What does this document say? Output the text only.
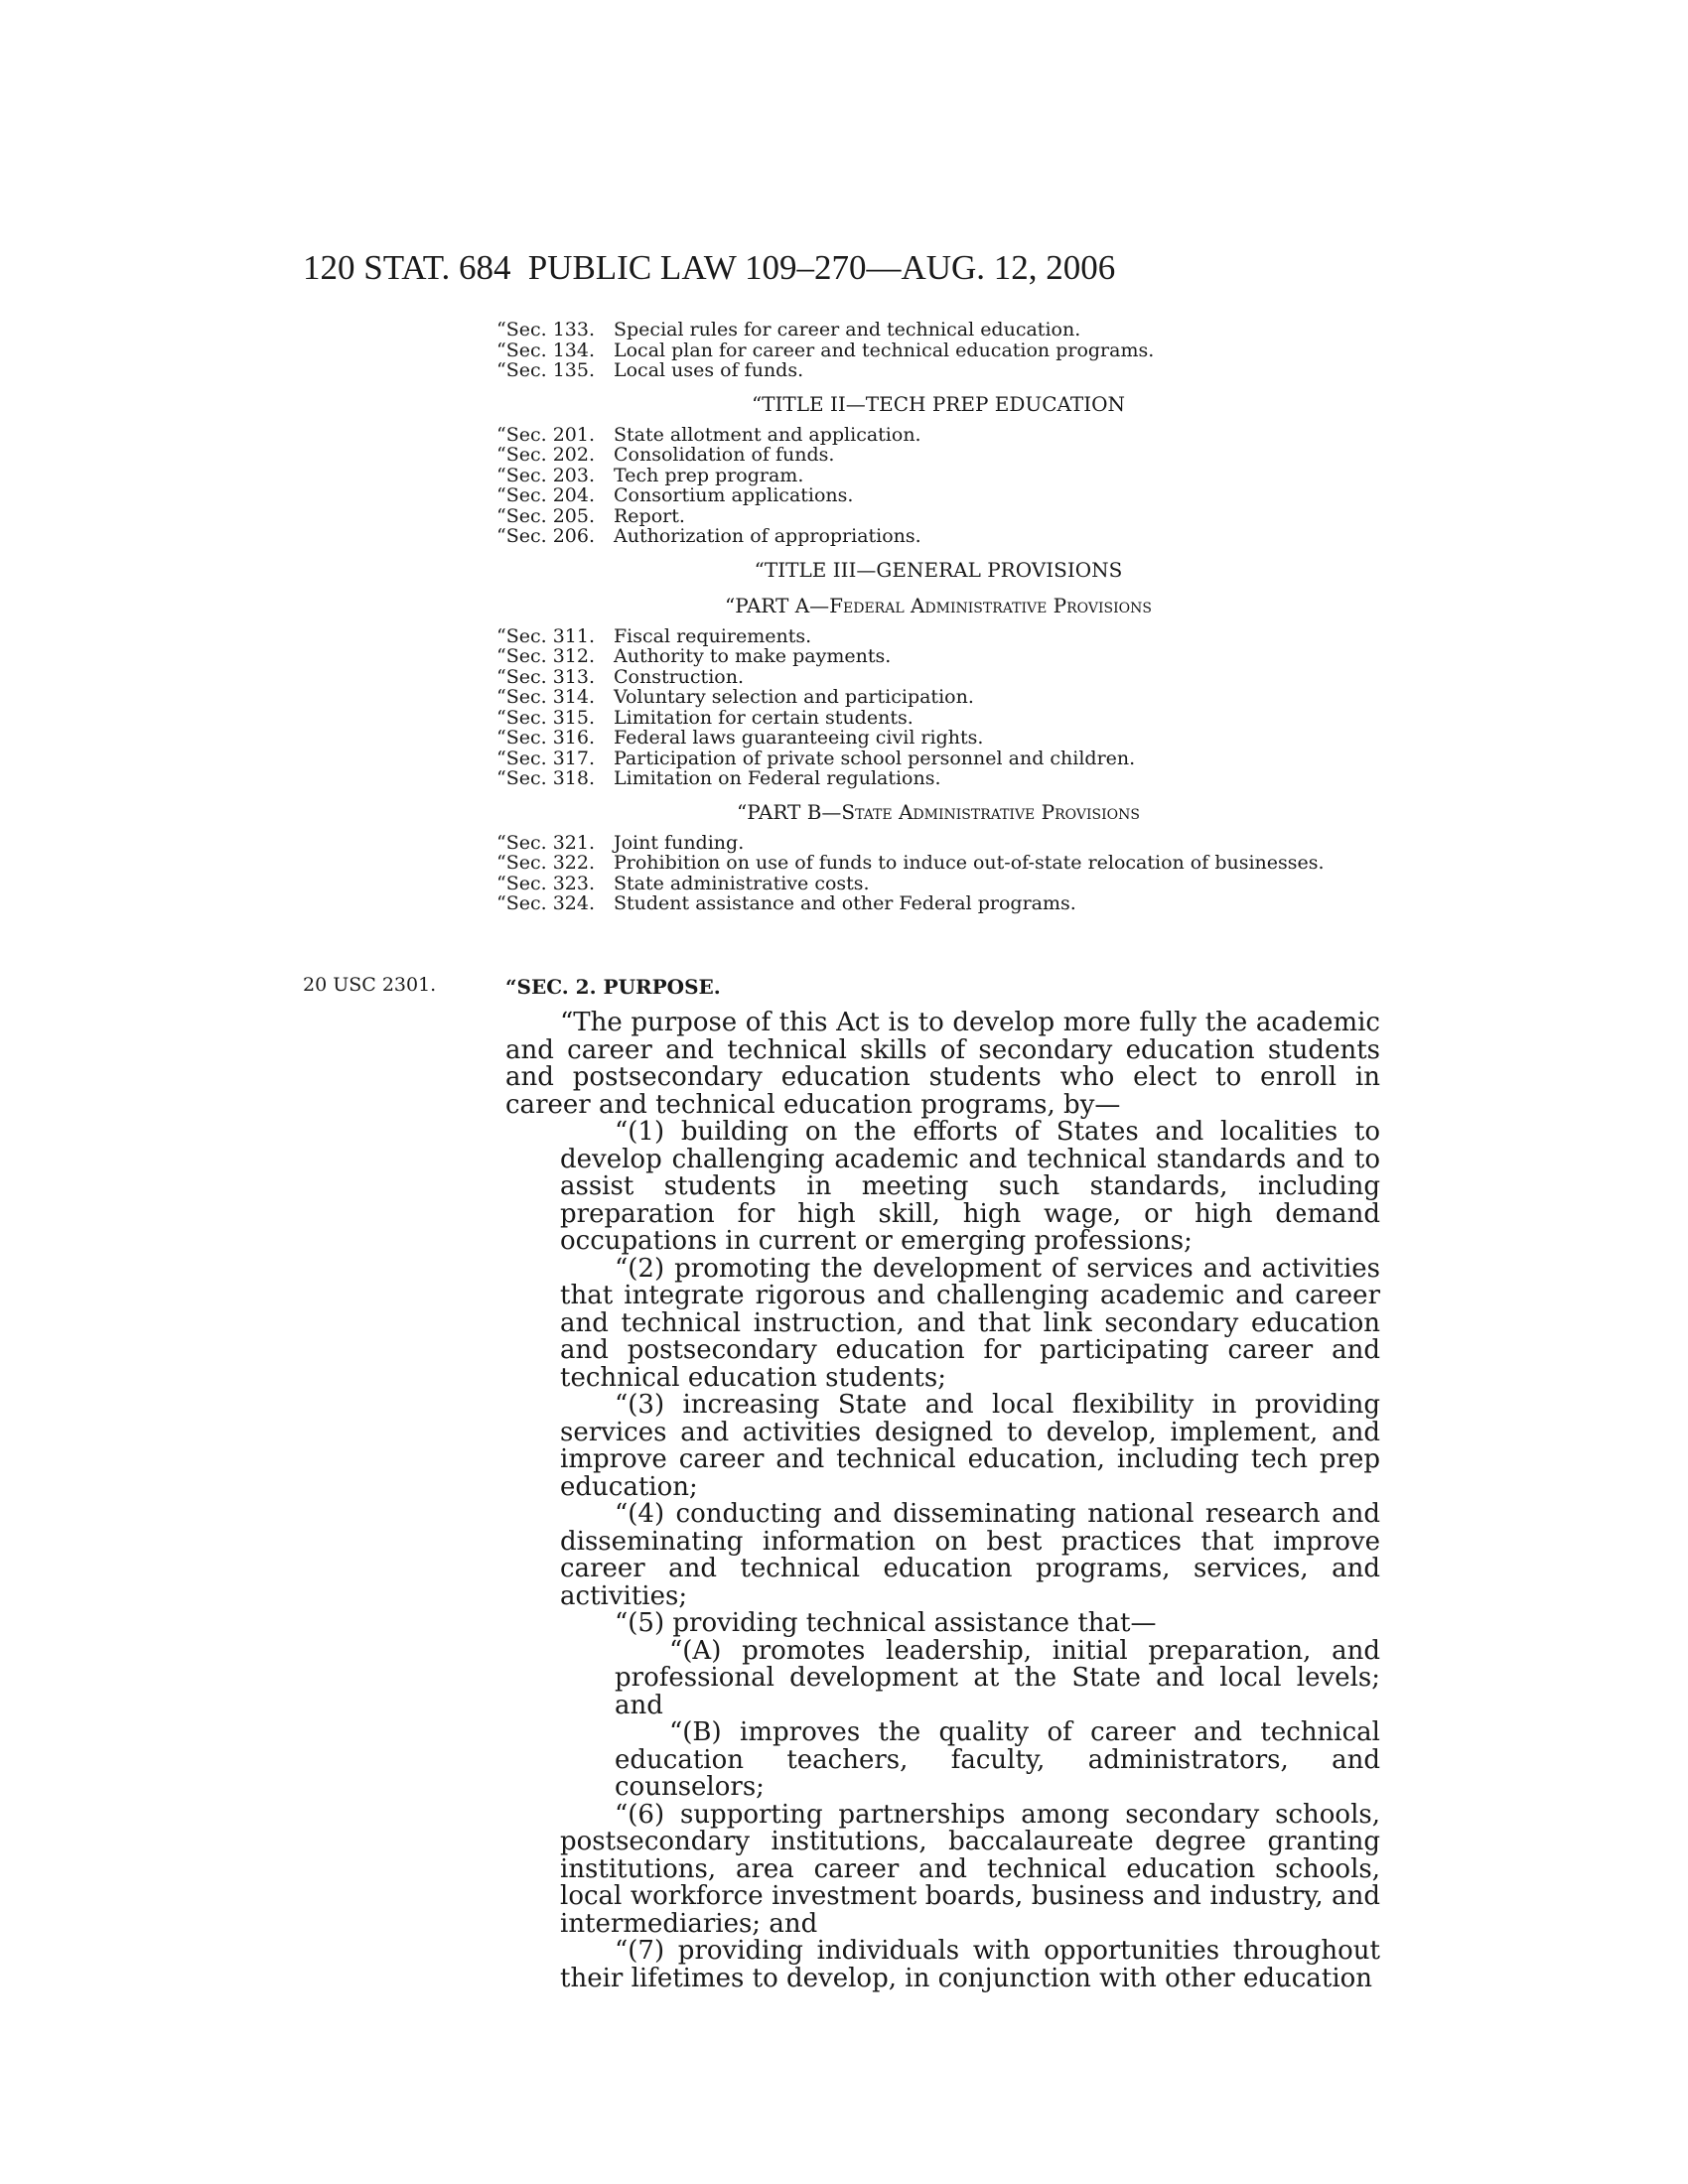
120 STAT. 684 PUBLIC LAW 109–270—AUG. 12, 2006
“Sec. 133.	Special rules for career and technical education.
“Sec. 134.	Local plan for career and technical education programs.
“Sec. 135.	Local uses of funds.
“TITLE II—TECH PREP EDUCATION
“Sec. 201.	State allotment and application.
“Sec. 202.	Consolidation of funds.
“Sec. 203.	Tech prep program.
“Sec. 204.	Consortium applications.
“Sec. 205.	Report.
“Sec. 206.	Authorization of appropriations.
“TITLE III—GENERAL PROVISIONS
“PART A—Federal Administrative Provisions
“Sec. 311.	Fiscal requirements.
“Sec. 312.	Authority to make payments.
“Sec. 313.	Construction.
“Sec. 314.	Voluntary selection and participation.
“Sec. 315.	Limitation for certain students.
“Sec. 316.	Federal laws guaranteeing civil rights.
“Sec. 317.	Participation of private school personnel and children.
“Sec. 318.	Limitation on Federal regulations.
“PART B—State Administrative Provisions
“Sec. 321.	Joint funding.
“Sec. 322.	Prohibition on use of funds to induce out-of-state relocation of businesses.
“Sec. 323.	State administrative costs.
“Sec. 324.	Student assistance and other Federal programs.
20 USC 2301.	“SEC. 2. PURPOSE.

“The purpose of this Act is to develop more fully the academic and career and technical skills of secondary education students and postsecondary education students who elect to enroll in career and technical education programs, by—

“(1) building on the efforts of States and localities to develop challenging academic and technical standards and to assist students in meeting such standards, including preparation for high skill, high wage, or high demand occupations in current or emerging professions;

“(2) promoting the development of services and activities that integrate rigorous and challenging academic and career and technical instruction, and that link secondary education and postsecondary education for participating career and technical education students;

“(3) increasing State and local flexibility in providing services and activities designed to develop, implement, and improve career and technical education, including tech prep education;

“(4) conducting and disseminating national research and disseminating information on best practices that improve career and technical education programs, services, and activities;

“(5) providing technical assistance that—

“(A) promotes leadership, initial preparation, and professional development at the State and local levels; and

“(B) improves the quality of career and technical education teachers, faculty, administrators, and counselors;

“(6) supporting partnerships among secondary schools, postsecondary institutions, baccalaureate degree granting institutions, area career and technical education schools, local workforce investment boards, business and industry, and intermediaries; and

“(7) providing individuals with opportunities throughout their lifetimes to develop, in conjunction with other education
